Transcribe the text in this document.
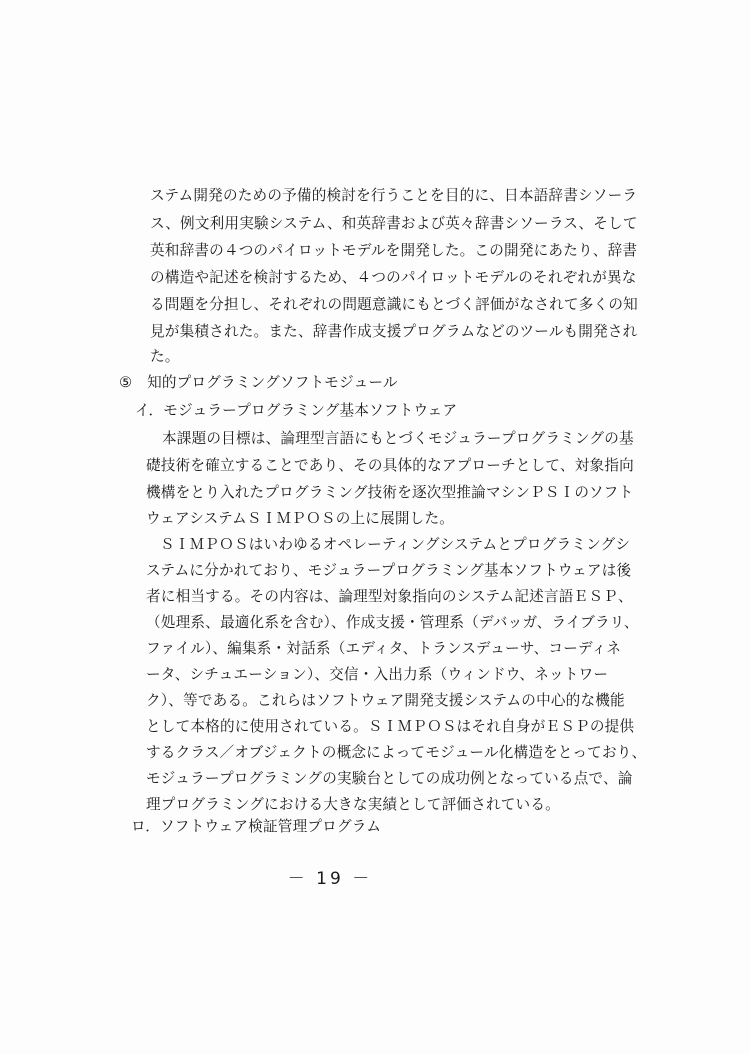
ステム開発のための予備的検討を行うことを目的に、日本語辞書シソーラ
ス、例文利用実験システム、和英辞書および英々辞書シソーラス、そして
英和辞書の４つのパイロットモデルを開発した。この開発にあたり、辞書
の構造や記述を検討するため、４つのパイロットモデルのそれぞれが異な
る問題を分担し、それぞれの問題意識にもとづく評価がなされて多くの知
見が集積された。また、辞書作成支援プログラムなどのツールも開発され
た。
⑤　知的プログラミングソフトモジュール
イ．モジュラープログラミング基本ソフトウェア
本課題の目標は、論理型言語にもとづくモジュラープログラミングの基
礎技術を確立することであり、その具体的なアプローチとして、対象指向
機構をとり入れたプログラミング技術を逐次型推論マシンＰＳＩのソフト
ウェアシステムＳＩＭＰＯＳの上に展開した。
ＳＩＭＰＯＳはいわゆるオペレーティングシステムとプログラミングシ
ステムに分かれており、モジュラープログラミング基本ソフトウェアは後
者に相当する。その内容は、論理型対象指向のシステム記述言語ＥＳＰ、
（処理系、最適化系を含む）、作成支援・管理系（デバッガ、ライブラリ、
ファイル）、編集系・対話系（エディタ、トランスデューサ、コーディネ
ータ、シチュエーション）、交信・入出力系（ウィンドウ、ネットワー
ク）、等である。これらはソフトウェア開発支援システムの中心的な機能
として本格的に使用されている。ＳＩＭＰＯＳはそれ自身がＥＳＰの提供
するクラス／オブジェクトの概念によってモジュール化構造をとっており、
モジュラープログラミングの実験台としての成功例となっている点で、論
理プログラミングにおける大きな実績として評価されている。
ロ．ソフトウェア検証管理プログラム
－ 19 －
